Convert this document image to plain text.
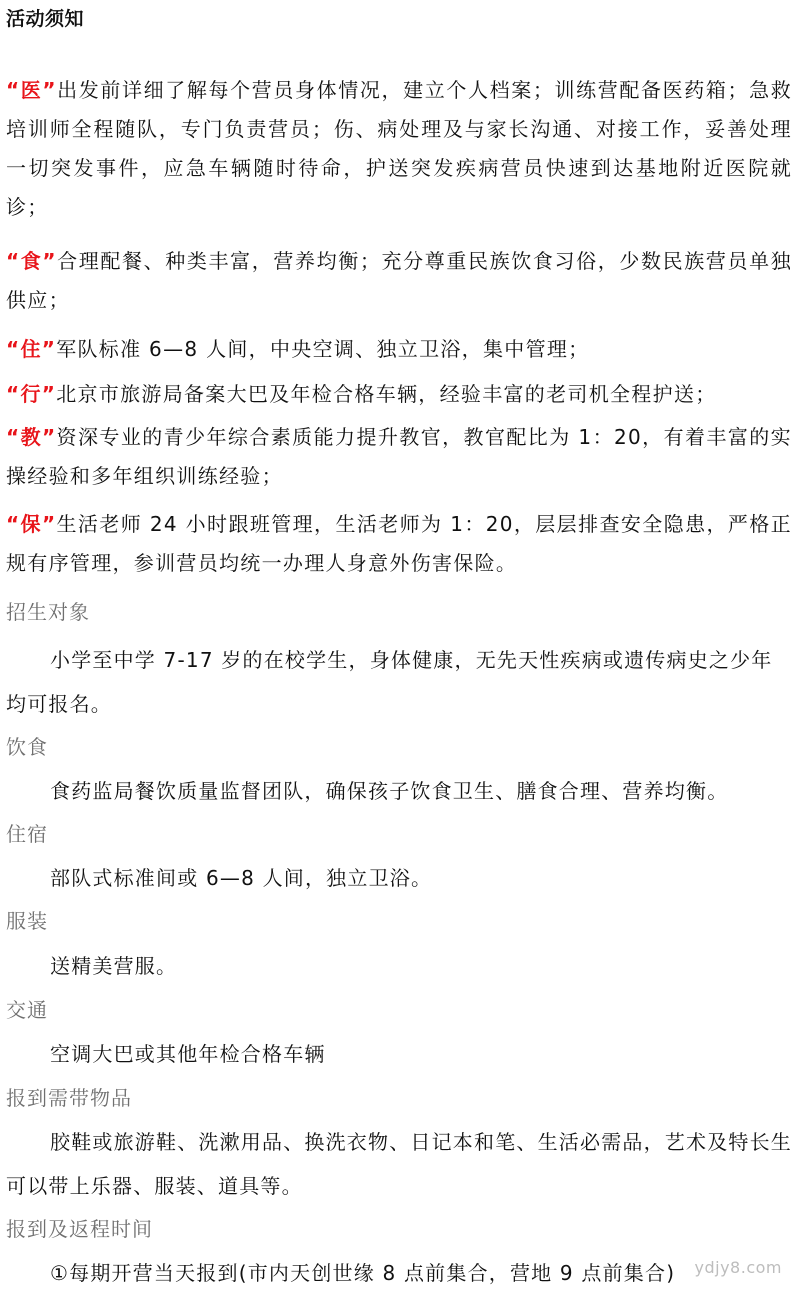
活动须知
“医”出发前详细了解每个营员身体情况，建立个人档案；训练营配备医药箱；急救培训师全程随队，专门负责营员；伤、病处理及与家长沟通、对接工作，妥善处理一切突发事件，应急车辆随时待命，护送突发疾病营员快速到达基地附近医院就诊；
“食”合理配餐、种类丰富，营养均衡；充分尊重民族饮食习俗，少数民族营员单独供应；
“住”军队标准 6—8 人间，中央空调、独立卫浴，集中管理；
“行”北京市旅游局备案大巴及年检合格车辆，经验丰富的老司机全程护送；
“教”资深专业的青少年综合素质能力提升教官，教官配比为 1：20，有着丰富的实操经验和多年组织训练经验；
“保”生活老师 24 小时跟班管理，生活老师为 1：20，层层排查安全隐患，严格正规有序管理，参训营员均统一办理人身意外伤害保险。
招生对象
小学至中学 7-17 岁的在校学生，身体健康，无先天性疾病或遗传病史之少年均可报名。
饮食
食药监局餐饮质量监督团队，确保孩子饮食卫生、膳食合理、营养均衡。
住宿
部队式标准间或 6—8 人间，独立卫浴。
服装
送精美营服。
交通
空调大巴或其他年检合格车辆
报到需带物品
胶鞋或旅游鞋、洗漱用品、换洗衣物、日记本和笔、生活必需品，艺术及特长生可以带上乐器、服装、道具等。
报到及返程时间
①每期开营当天报到(市内天创世缘 8 点前集合，营地 9 点前集合)	ydjy8.com
